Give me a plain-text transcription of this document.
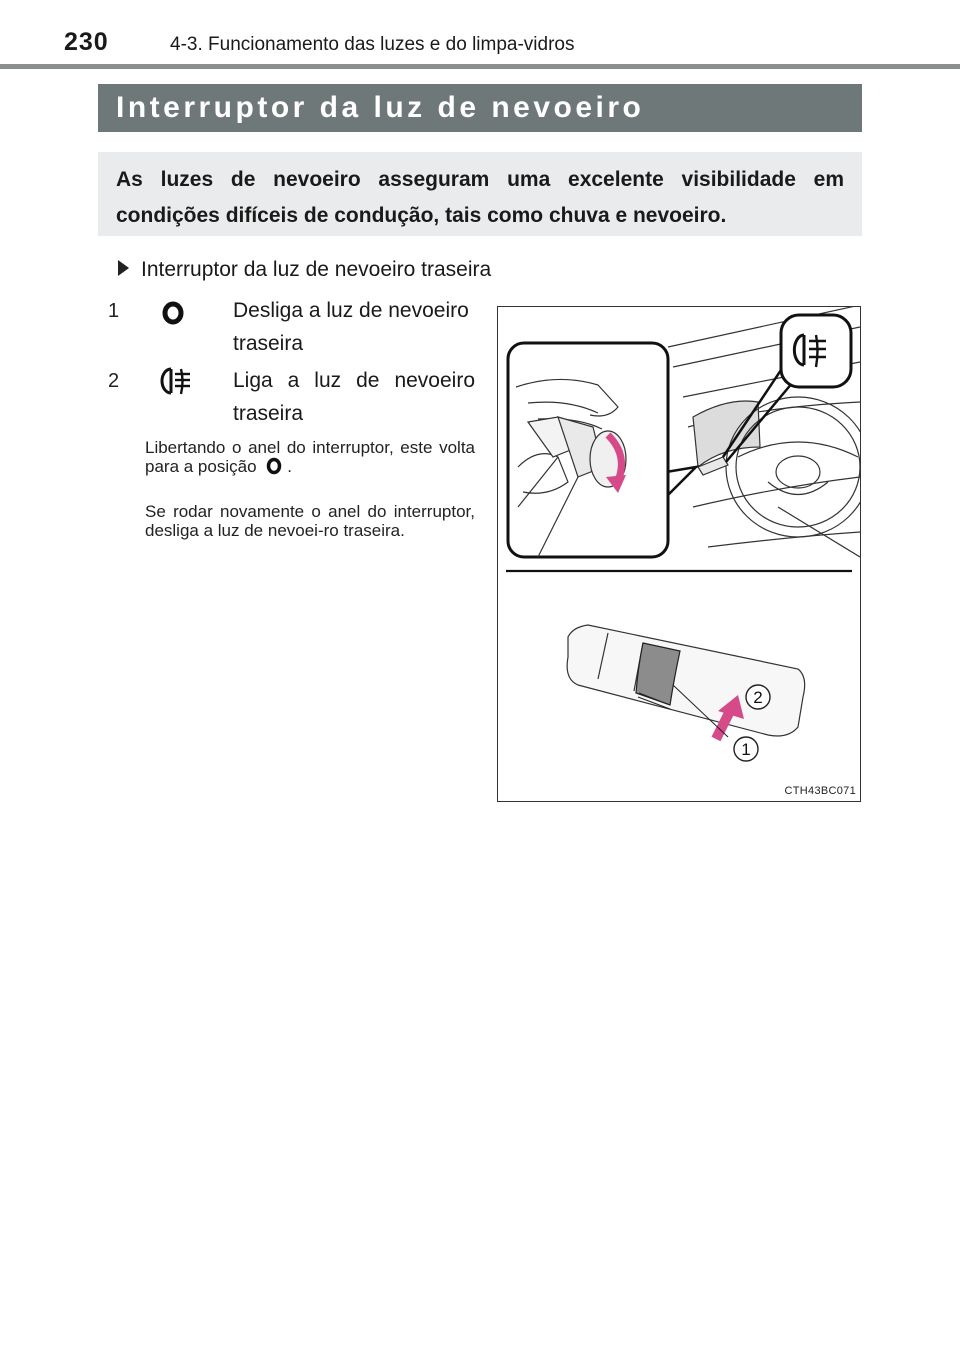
230	4-3. Funcionamento das luzes e do limpa-vidros
Interruptor da luz de nevoeiro
As luzes de nevoeiro asseguram uma excelente visibilidade em condições difíceis de condução, tais como chuva e nevoeiro.
Interruptor da luz de nevoeiro traseira
1	Desliga a luz de nevoeiro traseira
2	Liga a luz de nevoeiro traseira
Libertando o anel do interruptor, este volta para a posição .
Se rodar novamente o anel do interruptor, desliga a luz de nevoei-ro traseira.
2
1
CTH43BC071
